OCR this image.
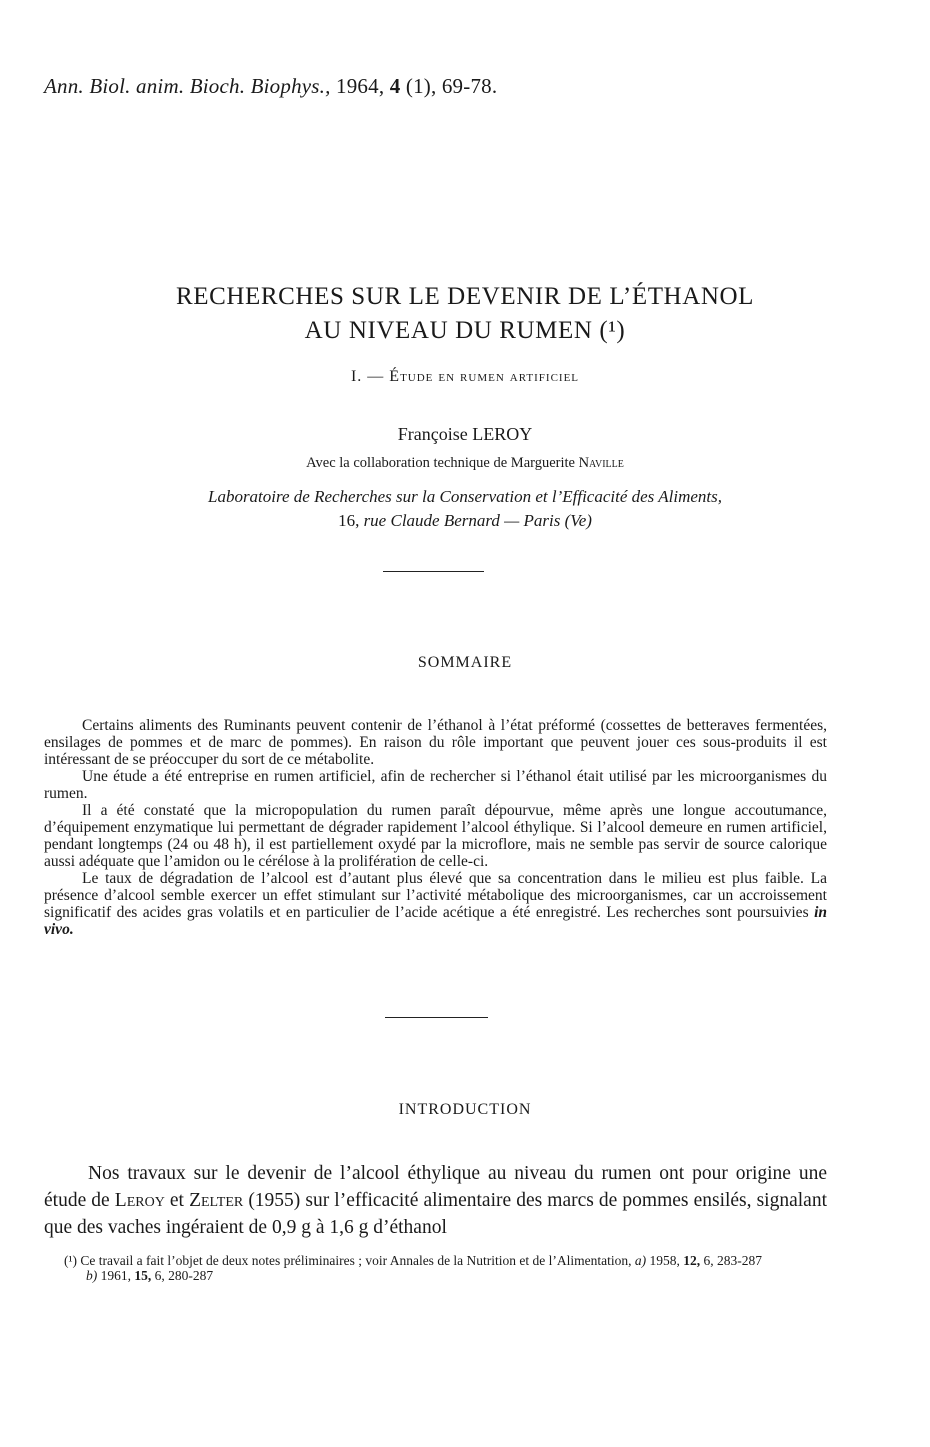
Ann. Biol. anim. Bioch. Biophys., 1964, 4 (1), 69-78.
RECHERCHES SUR LE DEVENIR DE L’ÉTHANOL
AU NIVEAU DU RUMEN (¹)
I. — Étude en rumen artificiel
Françoise LEROY
Avec la collaboration technique de Marguerite Naville
Laboratoire de Recherches sur la Conservation et l’Efficacité des Aliments,
16, rue Claude Bernard — Paris (Ve)
SOMMAIRE

Certains aliments des Ruminants peuvent contenir de l’éthanol à l’état préformé (cossettes de betteraves fermentées, ensilages de pommes et de marc de pommes). En raison du rôle important que peuvent jouer ces sous-produits il est intéressant de se préoccuper du sort de ce métabolite.

Une étude a été entreprise en rumen artificiel, afin de rechercher si l’éthanol était utilisé par les microorganismes du rumen.

Il a été constaté que la micropopulation du rumen paraît dépourvue, même après une longue accoutumance, d’équipement enzymatique lui permettant de dégrader rapidement l’alcool éthylique. Si l’alcool demeure en rumen artificiel, pendant longtemps (24 ou 48 h), il est partiellement oxydé par la microflore, mais ne semble pas servir de source calorique aussi adéquate que l’amidon ou le cérélose à la prolifération de celle-ci.

Le taux de dégradation de l’alcool est d’autant plus élevé que sa concentration dans le milieu est plus faible. La présence d’alcool semble exercer un effet stimulant sur l’activité métabolique des microorganismes, car un accroissement significatif des acides gras volatils et en particulier de l’acide acétique a été enregistré. Les recherches sont poursuivies in vivo.

INTRODUCTION

Nos travaux sur le devenir de l’alcool éthylique au niveau du rumen ont pour origine une étude de Leroy et Zelter (1955) sur l’efficacité alimentaire des marcs de pommes ensilés, signalant que des vaches ingéraient de 0,9 g à 1,6 g d’éthanol

(¹) Ce travail a fait l’objet de deux notes préliminaires ; voir Annales de la Nutrition et de l’Alimentation, a) 1958, 12, 6, 283-287

b) 1961, 15, 6, 280-287
